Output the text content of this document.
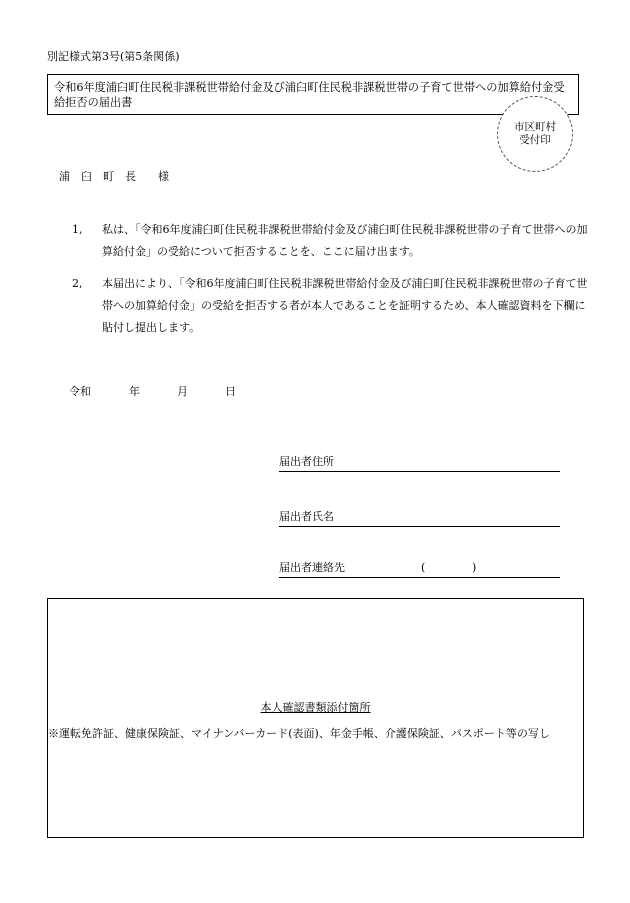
別記様式第3号(第5条関係)
令和6年度浦臼町住民税非課税世帯給付金及び浦臼町住民税非課税世帯の子育て世帯への加算給付金受給拒否の届出書
市区町村
受付印
浦　臼　町　長　　様
1, 私は、「令和6年度浦臼町住民税非課税世帯給付金及び浦臼町住民税非課税世帯の子育て世帯への加算給付金」の受給について拒否することを、ここに届け出ます。
2, 本届出により、「令和6年度浦臼町住民税非課税世帯給付金及び浦臼町住民税非課税世帯の子育て世帯への加算給付金」の受給を拒否する者が本人であることを証明するため、本人確認資料を下欄に貼付し提出します。
令和	年	月	日
届出者住所
届出者氏名
届出者連絡先	(	)
本人確認書類添付箇所
※運転免許証、健康保険証、マイナンバーカード(表面)、年金手帳、介護保険証、パスポート等の写し
